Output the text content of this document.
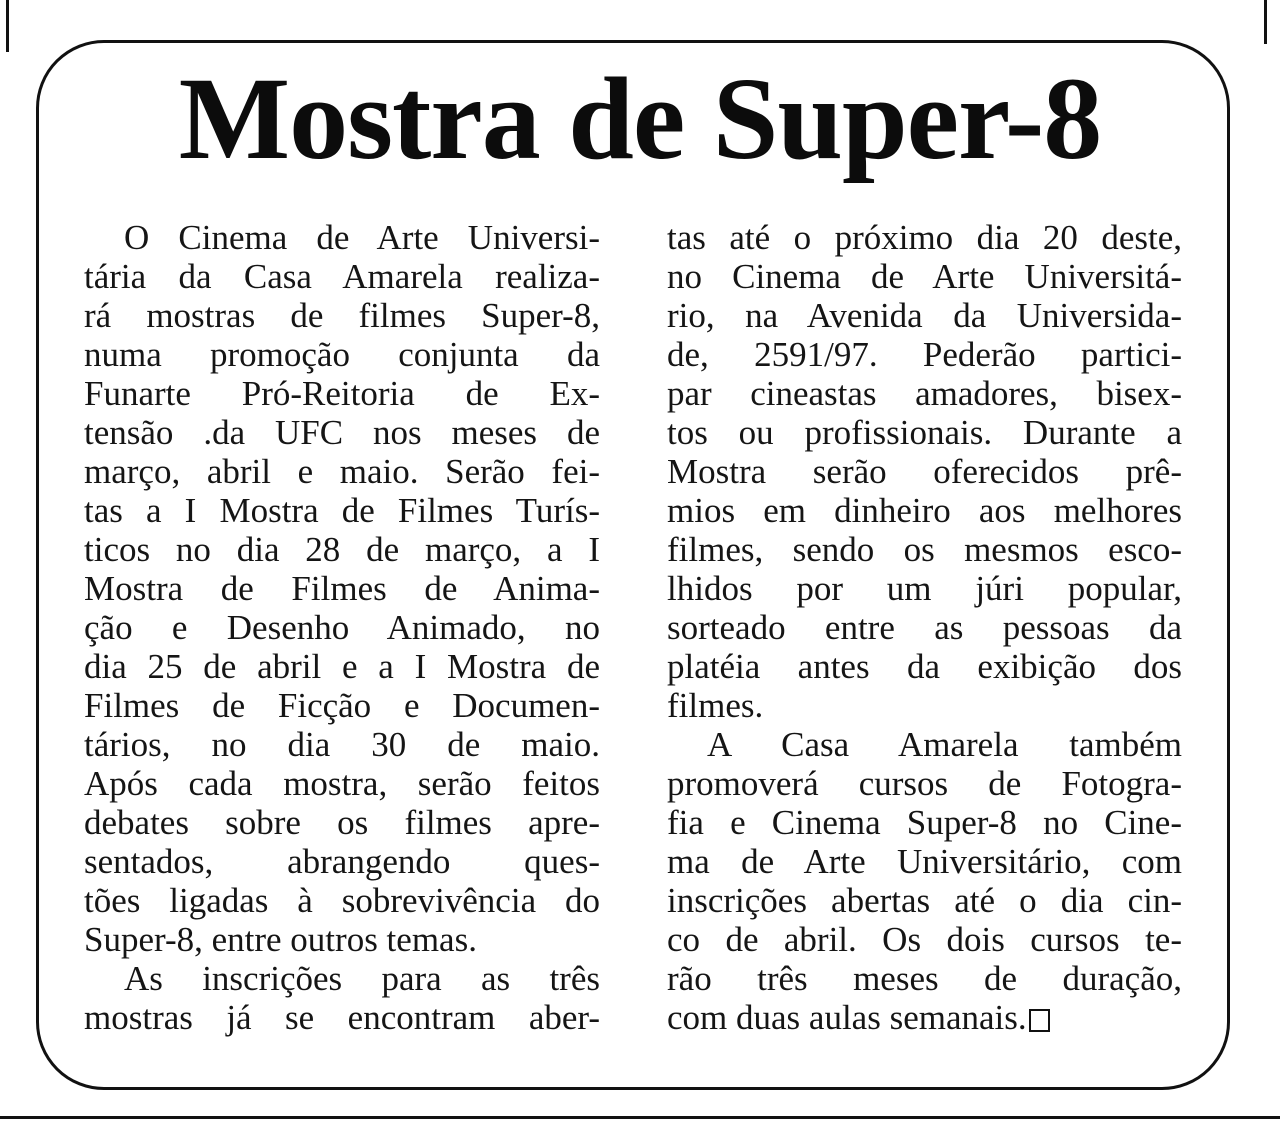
Mostra de Super-8
O Cinema de Arte Universi-
tária da Casa Amarela realiza-
rá mostras de filmes Super-8,
numa promoção conjunta da
Funarte Pró-Reitoria de Ex-
tensão .da UFC nos meses de
março, abril e maio. Serão fei-
tas a I Mostra de Filmes Turís-
ticos no dia 28 de março, a I
Mostra de Filmes de Anima-
ção e Desenho Animado, no
dia 25 de abril e a I Mostra de
Filmes de Ficção e Documen-
tários, no dia 30 de maio.
Após cada mostra, serão feitos
debates sobre os filmes apre-
sentados, abrangendo ques-
tões ligadas à sobrevivência do
Super-8, entre outros temas.
As inscrições para as três
mostras já se encontram aber-
tas até o próximo dia 20 deste,
no Cinema de Arte Universitá-
rio, na Avenida da Universida-
de, 2591/97. Pederão partici-
par cineastas amadores, bisex-
tos ou profissionais. Durante a
Mostra serão oferecidos prê-
mios em dinheiro aos melhores
filmes, sendo os mesmos esco-
lhidos por um júri popular,
sorteado entre as pessoas da
platéia antes da exibição dos
filmes.
A Casa Amarela também
promoverá cursos de Fotogra-
fia e Cinema Super-8 no Cine-
ma de Arte Universitário, com
inscrições abertas até o dia cin-
co de abril. Os dois cursos te-
rão três meses de duração,
com duas aulas semanais.
